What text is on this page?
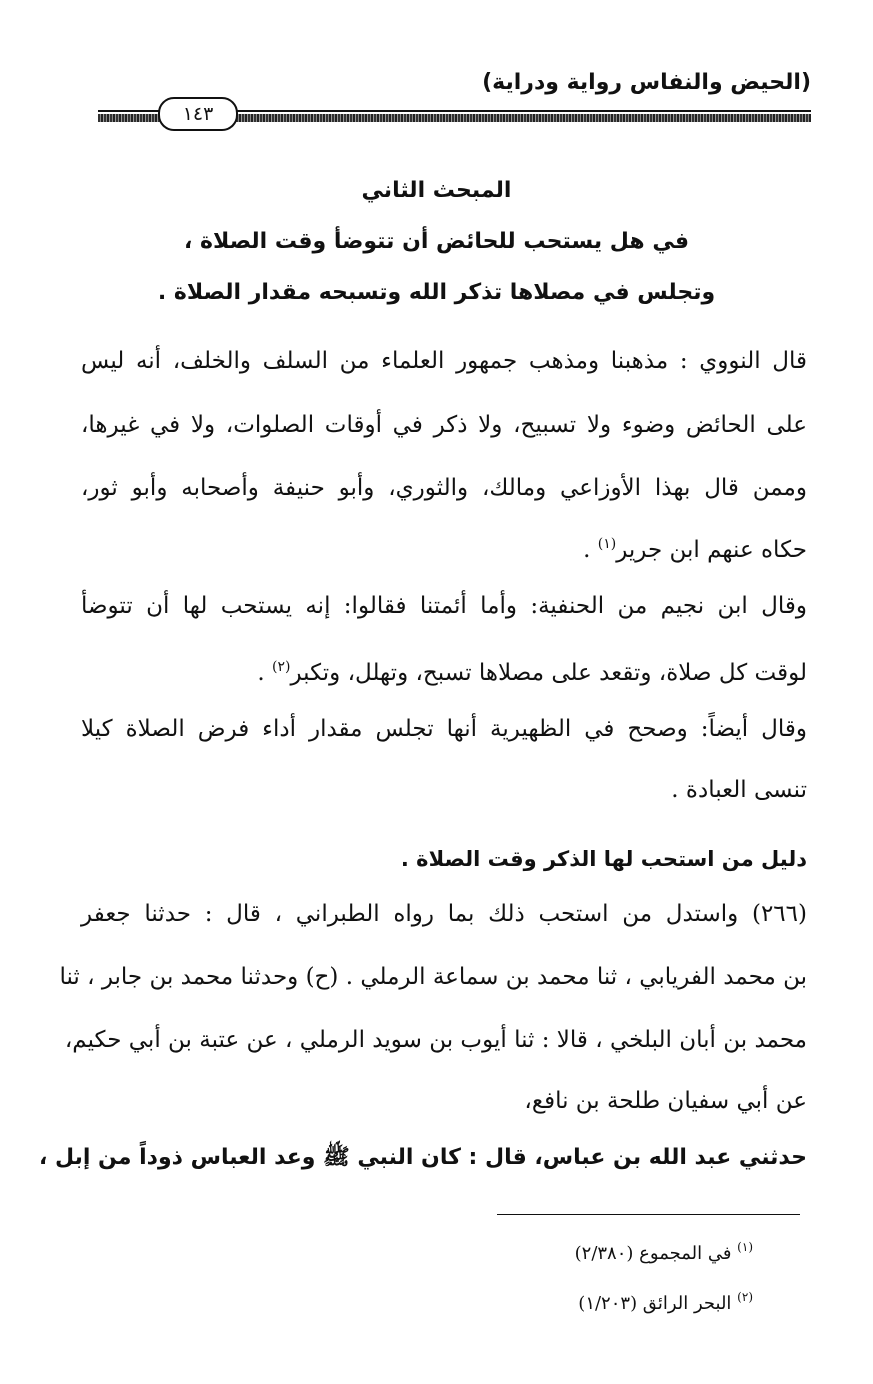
(الحيض والنفاس رواية ودراية)
١٤٣
المبحث الثاني
في هل يستحب للحائض أن تتوضأ وقت الصلاة ،
وتجلس في مصلاها تذكر الله وتسبحه مقدار الصلاة .
قال النووي : مذهبنا ومذهب جمهور العلماء من السلف والخلف، أنه ليس
على الحائض وضوء ولا تسبيح، ولا ذكر في أوقات الصلوات، ولا في غيرها،
وممن قال بهذا الأوزاعي ومالك، والثوري، وأبو حنيفة وأصحابه وأبو ثور،
حكاه عنهم ابن جرير$^{(١)}$ .
وقال ابن نجيم من الحنفية: وأما أئمتنا فقالوا: إنه يستحب لها أن تتوضأ
لوقت كل صلاة، وتقعد على مصلاها تسبح، وتهلل، وتكبر$^{(٢)}$ .
وقال أيضاً: وصحح في الظهيرية أنها تجلس مقدار أداء فرض الصلاة كيلا
تنسى العبادة .
دليل من استحب لها الذكر وقت الصلاة .
(٢٦٦) واستدل من استحب ذلك بما رواه الطبراني ، قال : حدثنا جعفر
بن محمد الفريابي ، ثنا محمد بن سماعة الرملي . (ح) وحدثنا محمد بن جابر ، ثنا
محمد بن أبان البلخي ، قالا : ثنا أيوب بن سويد الرملي ، عن عتبة بن أبي حكيم،
عن أبي سفيان طلحة بن نافع،
حدثني عبد الله بن عباس، قال : كان النبي ﷺ وعد العباس ذوداً من إبل ،
$^{(١)}$ في المجموع (٢/٣٨٠)
$^{(٢)}$ البحر الرائق (١/٢٠٣)
